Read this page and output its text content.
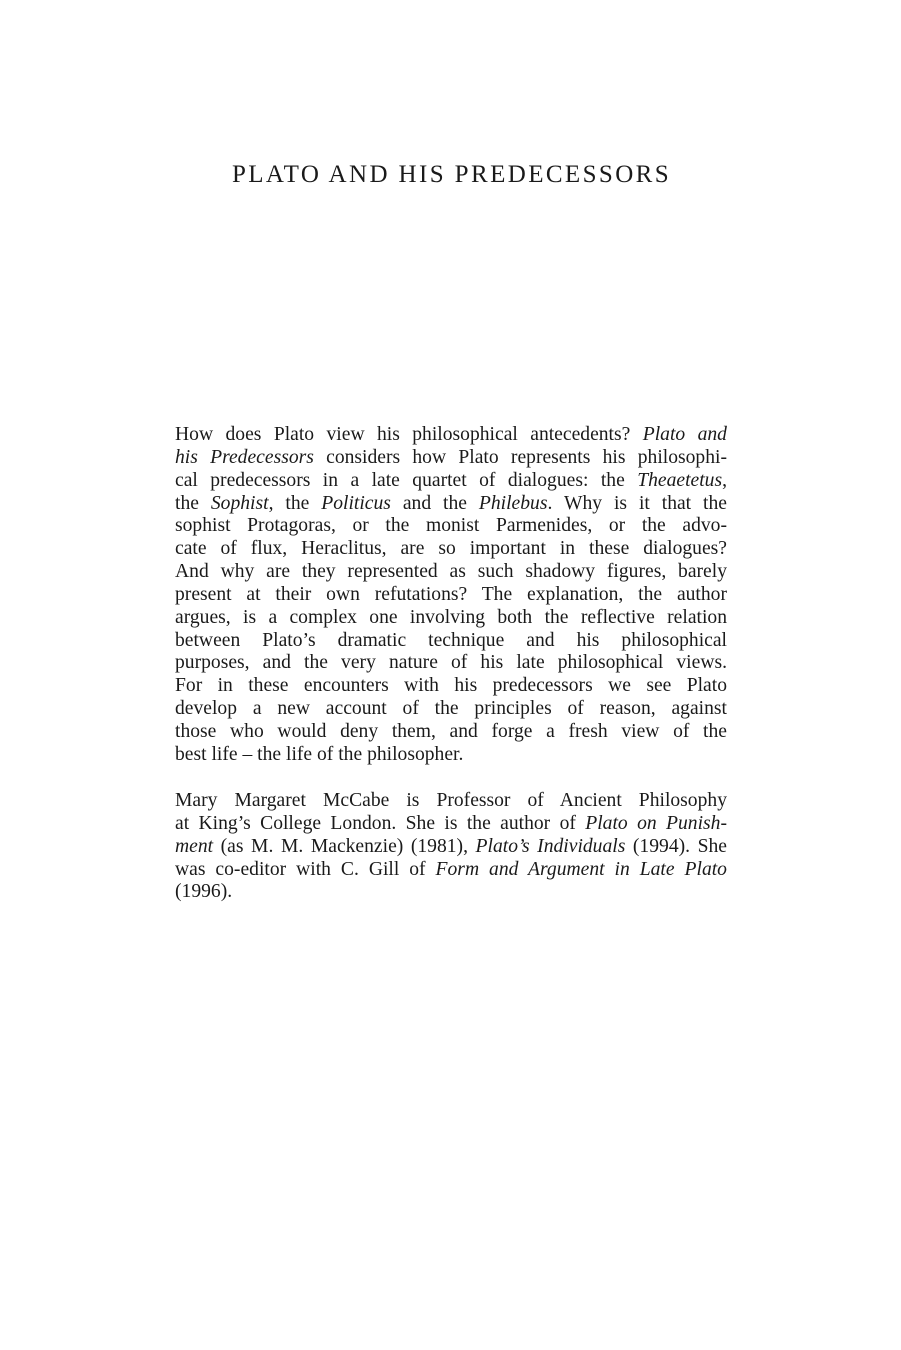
PLATO AND HIS PREDECESSORS
How does Plato view his philosophical antecedents? Plato and
his Predecessors considers how Plato represents his philosophi-
cal predecessors in a late quartet of dialogues: the Theaetetus,
the Sophist, the Politicus and the Philebus. Why is it that the
sophist Protagoras, or the monist Parmenides, or the advo-
cate of flux, Heraclitus, are so important in these dialogues?
And why are they represented as such shadowy figures, barely
present at their own refutations? The explanation, the author
argues, is a complex one involving both the reflective relation
between Plato’s dramatic technique and his philosophical
purposes, and the very nature of his late philosophical views.
For in these encounters with his predecessors we see Plato
develop a new account of the principles of reason, against
those who would deny them, and forge a fresh view of the
best life – the life of the philosopher.
Mary Margaret McCabe is Professor of Ancient Philosophy
at King’s College London. She is the author of Plato on Punish-
ment (as M. M. Mackenzie) (1981), Plato’s Individuals (1994). She
was co-editor with C. Gill of Form and Argument in Late Plato
(1996).
